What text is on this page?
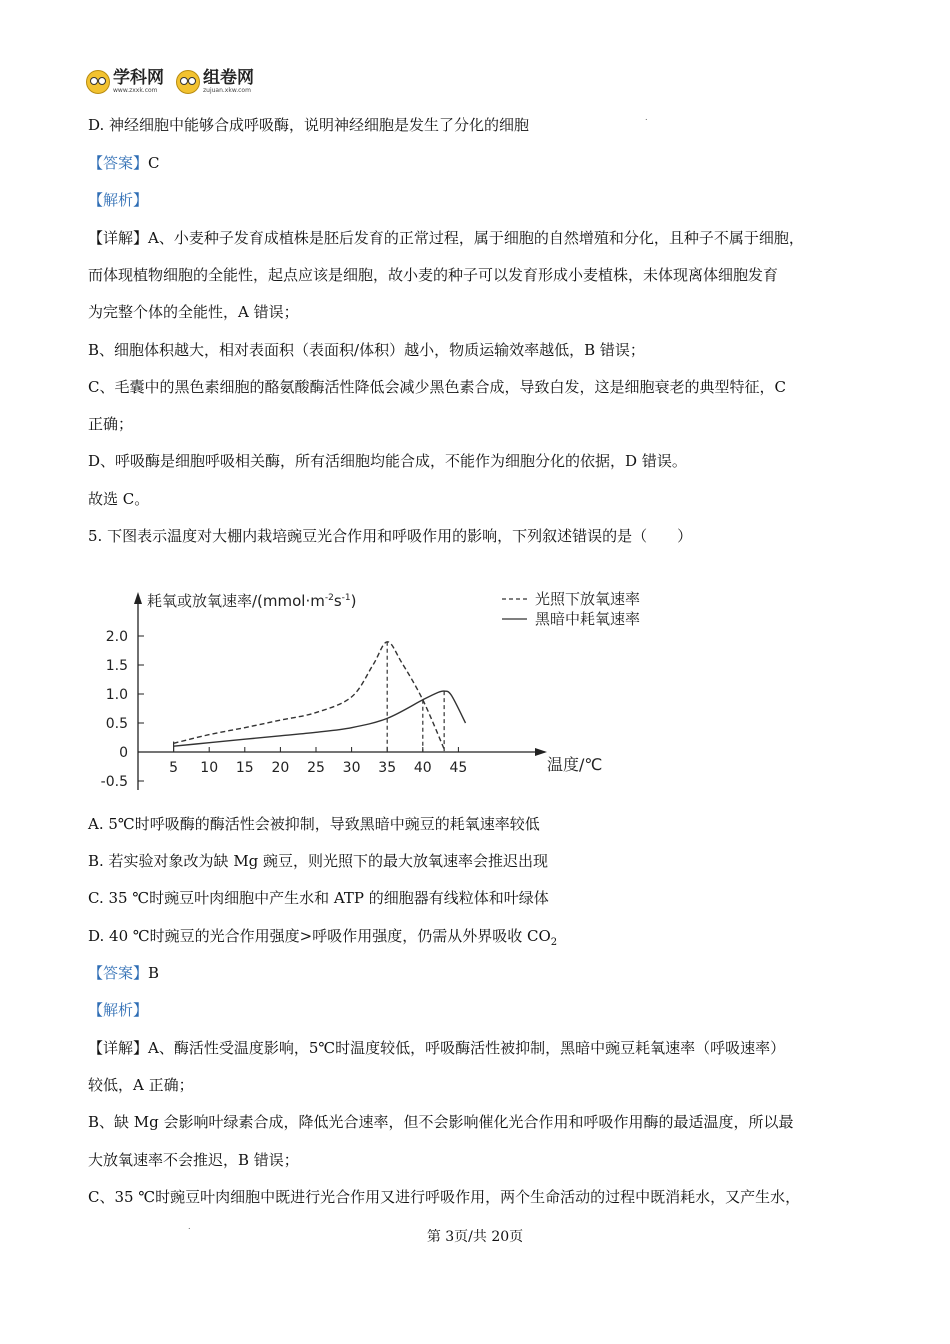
学科网
www.zxxk.com
组卷网
zujuan.xkw.com
.
D. 神经细胞中能够合成呼吸酶，说明神经细胞是发生了分化的细胞
【答案】C
【解析】
【详解】A、小麦种子发育成植株是胚后发育的正常过程，属于细胞的自然增殖和分化，且种子不属于细胞，
而体现植物细胞的全能性，起点应该是细胞，故小麦的种子可以发育形成小麦植株，未体现离体细胞发育
为完整个体的全能性，A 错误；
B、细胞体积越大，相对表面积（表面积/体积）越小，物质运输效率越低，B 错误；
C、毛囊中的黑色素细胞的酪氨酸酶活性降低会减少黑色素合成，导致白发，这是细胞衰老的典型特征，C
正确；
D、呼吸酶是细胞呼吸相关酶，所有活细胞均能合成，不能作为细胞分化的依据，D 错误。
故选 C。
5. 下图表示温度对大棚内栽培豌豆光合作用和呼吸作用的影响，下列叙述错误的是（　　）
2.0
1.5
1.0
0.5
0
-0.5
5 10 15 20 25 30 35 40 45
耗氧或放氧速率$/(mmol\cdot m^{-2}s^{-1})$	光照下放氧速率
黑暗中耗氧速率
温度/℃
A. 5℃时呼吸酶的酶活性会被抑制，导致黑暗中豌豆的耗氧速率较低
B. 若实验对象改为缺 Mg 豌豆，则光照下的最大放氧速率会推迟出现
C. 35 ℃时豌豆叶肉细胞中产生水和 ATP 的细胞器有线粒体和叶绿体
D. 40 ℃时豌豆的光合作用强度>呼吸作用强度，仍需从外界吸收 $CO_2$
【答案】B
【解析】
【详解】A、酶活性受温度影响，5℃时温度较低，呼吸酶活性被抑制，黑暗中豌豆耗氧速率（呼吸速率）
较低，A 正确；
B、缺 Mg 会影响叶绿素合成，降低光合速率，但不会影响催化光合作用和呼吸作用酶的最适温度，所以最
大放氧速率不会推迟，B 错误；
C、35 ℃时豌豆叶肉细胞中既进行光合作用又进行呼吸作用，两个生命活动的过程中既消耗水，又产生水，
.
第 3页/共 20页
